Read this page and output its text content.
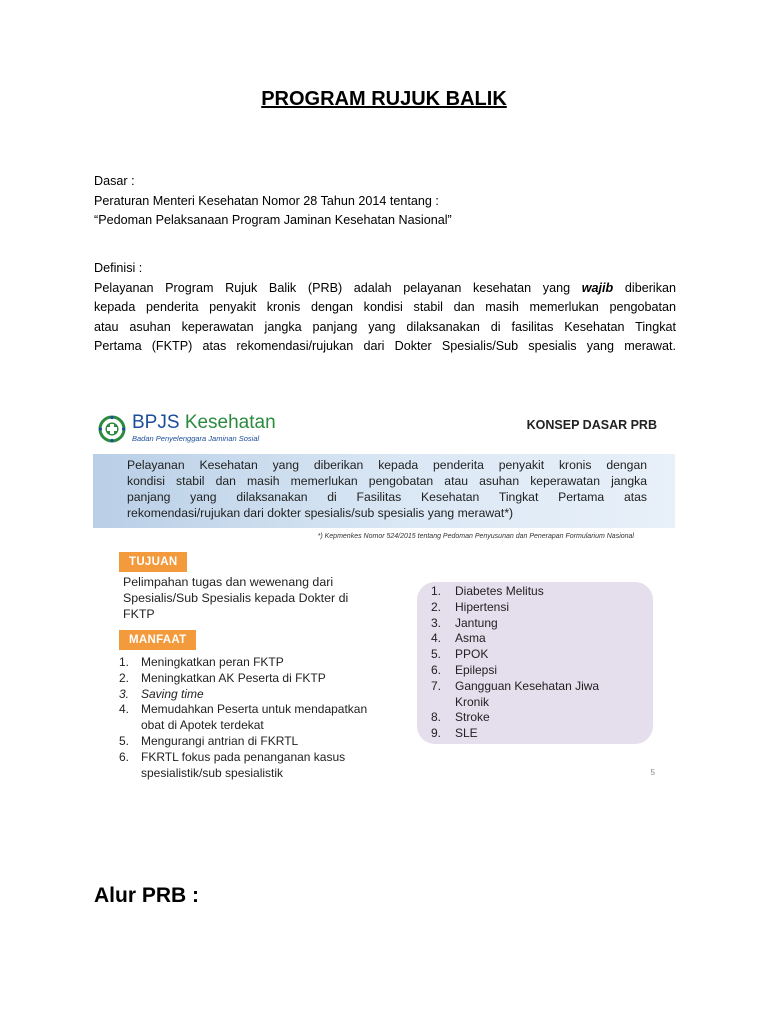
PROGRAM RUJUK BALIK

Dasar :
Peraturan Menteri Kesehatan Nomor 28 Tahun 2014 tentang :
“Pedoman Pelaksanaan Program Jaminan Kesehatan Nasional”

Definisi :
Pelayanan Program Rujuk Balik (PRB) adalah pelayanan kesehatan yang wajib diberikan
kepada penderita penyakit kronis dengan kondisi stabil dan masih memerlukan pengobatan
atau asuhan keperawatan jangka panjang yang dilaksanakan di fasilitas Kesehatan Tingkat
Pertama (FKTP) atas rekomendasi/rujukan dari Dokter Spesialis/Sub spesialis yang merawat.

BPJS Kesehatan
Badan Penyelenggara Jaminan Sosial
KONSEP DASAR PRB

Pelayanan Kesehatan yang diberikan kepada penderita penyakit kronis dengan
kondisi stabil dan masih memerlukan pengobatan atau asuhan keperawatan jangka
panjang yang dilaksanakan di Fasilitas Kesehatan Tingkat Pertama atas
rekomendasi/rujukan dari dokter spesialis/sub spesialis yang merawat*)

*) Kepmenkes Nomor 524/2015 tentang Pedoman Penyusunan dan Penerapan Formularium Nasional
TUJUAN

Pelimpahan tugas dan wewenang dari
Spesialis/Sub Spesialis kepada Dokter di
FKTP

MANFAAT
1. Meningkatkan peran FKTP
2. Meningkatkan AK Peserta di FKTP
3. Saving time
4. Memudahkan Peserta untuk mendapatkan obat di Apotek terdekat
5. Mengurangi antrian di FKRTL
6. FKRTL fokus pada penanganan kasus spesialistik/sub spesialistik
1. Diabetes Melitus
2. Hipertensi
3. Jantung
4. Asma
5. PPOK
6. Epilepsi
7. Gangguan Kesehatan Jiwa Kronik
8. Stroke
9. SLE
5
Alur PRB :
